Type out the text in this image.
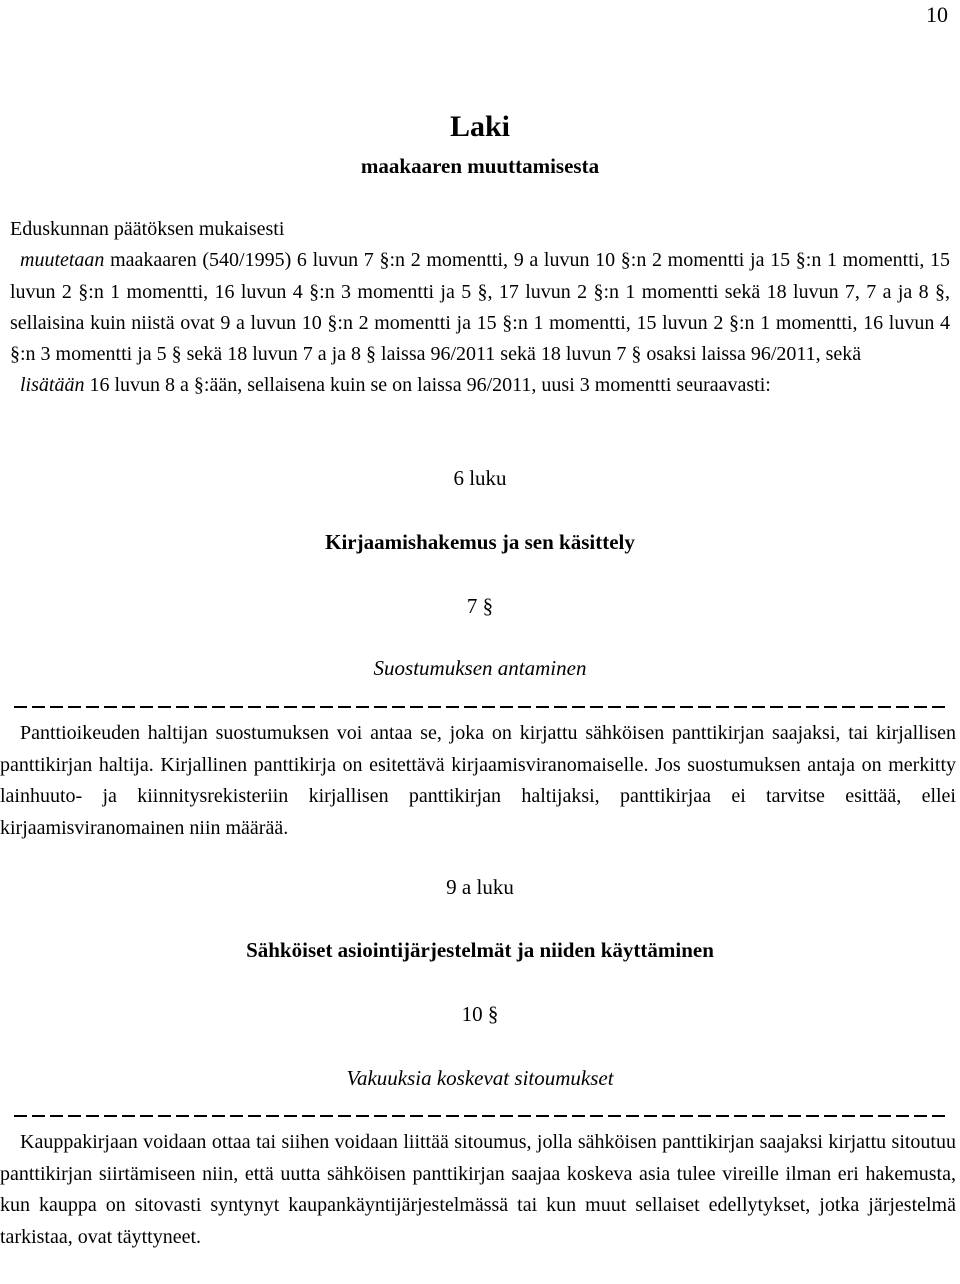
10
Laki
maakaaren muuttamisesta

Eduskunnan päätöksen mukaisesti

muutetaan maakaaren (540/1995) 6 luvun 7 §:n 2 momentti, 9 a luvun 10 §:n 2 momentti ja 15 §:n 1 momentti, 15 luvun 2 §:n 1 momentti, 16 luvun 4 §:n 3 momentti ja 5 §, 17 luvun 2 §:n 1 momentti sekä 18 luvun 7, 7 a ja 8 §, sellaisina kuin niistä ovat 9 a luvun 10 §:n 2 momentti ja 15 §:n 1 momentti, 15 luvun 2 §:n 1 momentti, 16 luvun 4 §:n 3 momentti ja 5 § sekä 18 luvun 7 a ja 8 § laissa 96/2011 sekä 18 luvun 7 § osaksi laissa 96/2011, sekä

lisätään 16 luvun 8 a §:ään, sellaisena kuin se on laissa 96/2011, uusi 3 momentti seuraavasti:

6 luku
Kirjaamishakemus ja sen käsittely
7 §
Suostumuksen antaminen

Panttioikeuden haltijan suostumuksen voi antaa se, joka on kirjattu sähköisen panttikirjan saajaksi, tai kirjallisen panttikirjan haltija. Kirjallinen panttikirja on esitettävä kirjaamisviranomaiselle. Jos suostumuksen antaja on merkitty lainhuuto- ja kiinnitysrekisteriin kirjallisen panttikirjan haltijaksi, panttikirjaa ei tarvitse esittää, ellei kirjaamisviranomainen niin määrää.

9 a luku
Sähköiset asiointijärjestelmät ja niiden käyttäminen
10 §
Vakuuksia koskevat sitoumukset

Kauppakirjaan voidaan ottaa tai siihen voidaan liittää sitoumus, jolla sähköisen panttikirjan saajaksi kirjattu sitoutuu panttikirjan siirtämiseen niin, että uutta sähköisen panttikirjan saajaa koskeva asia tulee vireille ilman eri hakemusta, kun kauppa on sitovasti syntynyt kaupankäyntijärjestelmässä tai kun muut sellaiset edellytykset, jotka järjestelmä tarkistaa, ovat täyttyneet.
